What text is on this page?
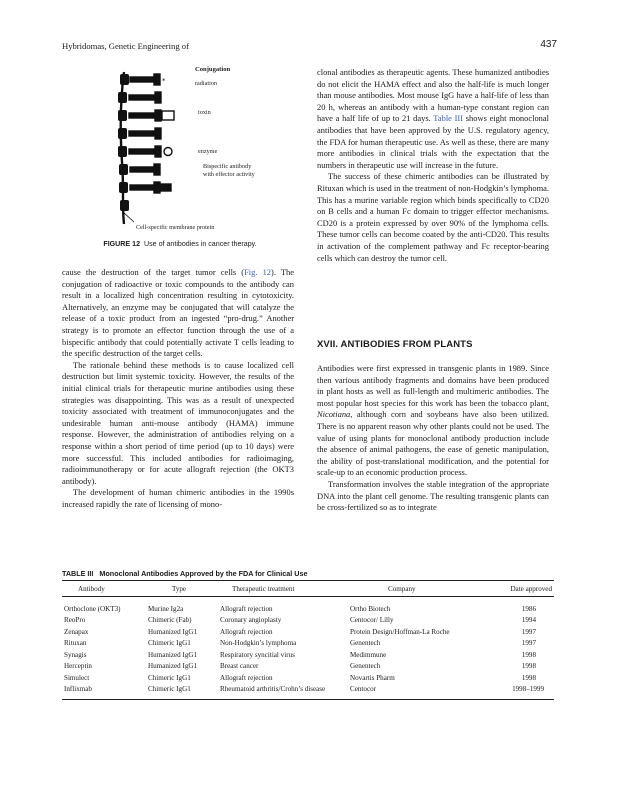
Hybridomas, Genetic Engineering of	437
*
Conjugation
radiation
toxin
enzyme
Bispecific antibody
with effector activity
Cell-specific membrane protein
FIGURE 12 Use of antibodies in cancer therapy.

cause the destruction of the target tumor cells (Fig. 12). The conjugation of radioactive or toxic compounds to the antibody can result in a localized high concentration resulting in cytotoxicity. Alternatively, an enzyme may be conjugated that will catalyze the release of a toxic product from an ingested “pro-drug.” Another strategy is to promote an effector function through the use of a bispecific antibody that could potentially activate T cells leading to the specific destruction of the target cells.

The rationale behind these methods is to cause localized cell destruction but limit systemic toxicity. However, the results of the initial clinical trials for therapeutic murine antibodies using these strategies was disappointing. This was as a result of unexpected toxicity associated with treatment of immunoconjugates and the undesirable human anti-mouse antibody (HAMA) immune response. However, the administration of antibodies relying on a response within a short period of time period (up to 10 days) were more successful. This included antibodies for radioimaging, radioimmunotherapy or for acute allograft rejection (the OKT3 antibody).

The development of human chimeric antibodies in the 1990s increased rapidly the rate of licensing of mono-

clonal antibodies as therapeutic agents. These humanized antibodies do not elicit the HAMA effect and also the half-life is much longer than mouse antibodies. Most mouse IgG have a half-life of less than 20 h, whereas an antibody with a human-type constant region can have a half life of up to 21 days. Table III shows eight monoclonal antibodies that have been approved by the U.S. regulatory agency, the FDA for human therapeutic use. As well as these, there are many more antibodies in clinical trials with the expectation that the numbers in therapeutic use will increase in the future.

The success of these chimeric antibodies can be illustrated by Rituxan which is used in the treatment of non-Hodgkin’s lymphoma. This has a murine variable region which binds specifically to CD20 on B cells and a human Fc domain to trigger effector mechanisms. CD20 is a protein expressed by over 90% of the lymphoma cells. These tumor cells can become coated by the anti-CD20. This results in activation of the complement pathway and Fc receptor-bearing cells which can destroy the tumor cell.

XVII. ANTIBODIES FROM PLANTS

Antibodies were first expressed in transgenic plants in 1989. Since then various antibody fragments and domains have been produced in plant hosts as well as full-length and multimeric antibodies. The most popular host species for this work has been the tobacco plant, Nicotiana, although corn and soybeans have also been utilized. There is no apparent reason why other plants could not be used. The value of using plants for monoclonal antibody production include the absence of animal pathogens, the ease of genetic manipulation, the ability of post-translational modification, and the potential for scale-up to an economic production process.

Transformation involves the stable integration of the appropriate DNA into the plant cell genome. The resulting transgenic plants can be cross-fertilized so as to integrate

TABLE III Monoclonal Antibodies Approved by the FDA for Clinical Use
Antibody	Type	Therapeutic treatment	Company	Date approved
Orthoclone (OKT3)	Murine Ig2a	Allograft rejection	Ortho Biotech	1986
ReoPro	Chimeric (Fab)	Coronary angioplasty	Centocor/ Lilly	1994
Zenapax	Humanized IgG1	Allograft rejection	Protein Design/Hoffman-La Roche	1997
Rituxan	Chimeric IgG1	Non-Hodgkin’s lymphoma	Genentech	1997
Synagis	Humanized IgG1	Respiratory syncitial virus	Medimmune	1998
Herceptin	Humanized IgG1	Breast cancer	Genentech	1998
Simulect	Chimeric IgG1	Allograft rejection	Novartis Pharm	1998
Inflixmab	Chimeric IgG1	Rheumatoid arthritis/Crohn’s disease	Centocor	1998–1999
